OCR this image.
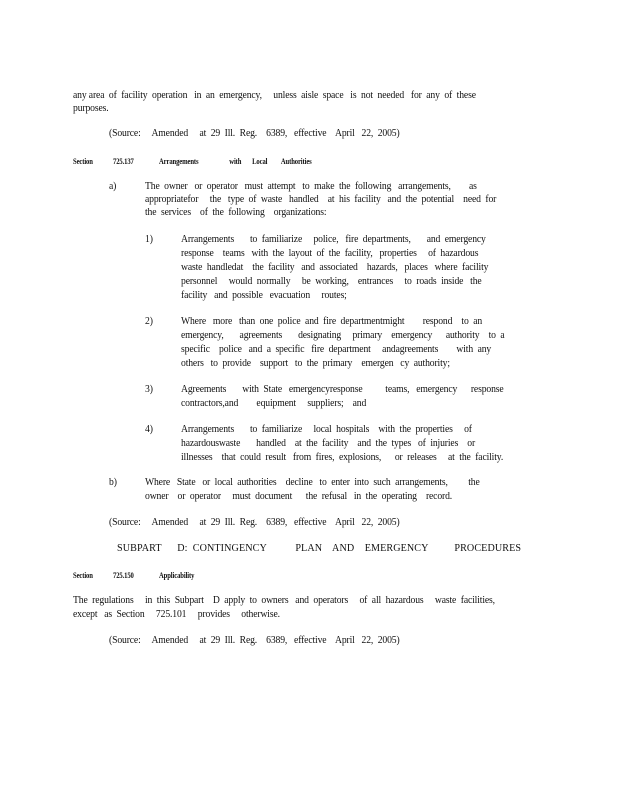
any area  of  facility  operation   in  an  emergency,     unless  aisle  space   is  not  needed   for  any  of  these
purposes.
(Source:     Amended     at  29  Ill.  Reg.    6389,   effective    April   22,  2005)
Section 725.137	Arrangements                    with       Local         Authorities
a)	The  owner   or  operator   must  attempt   to  make  the  following   arrangements,        as
appropriatefor     the   type  of  waste   handled    at  his  facility   and  the  potential    need  for
the  services    of  the  following    organizations:
1)	Arrangements       to  familiarize     police,   fire  departments,       and  emergency
response    teams   with  the  layout  of  the  facility,   properties     of  hazardous
waste  handledat    the  facility   and  associated    hazards,   places   where  facility
personnel     would  normally     be  working,    entrances     to  roads  inside   the
facility   and  possible   evacuation     routes;
2)	Where   more   than  one  police  and  fire  departmentmight        respond    to  an
emergency,       agreements       designating     primary    emergency      authority    to  a
specific    police   and  a  specific   fire  department     andagreements        with  any
others   to  provide    support   to  the  primary    emergen   cy  authority;
3)	Agreements       with  State   emergencyresponse          teams,   emergency      response
contractors,and        equipment     suppliers;    and
4)	Arrangements       to  familiarize     local  hospitals    with  the  properties     of
hazardouswaste       handled    at  the  facility    and  the  types   of  injuries    or
illnesses    that  could  result   from  fires,  explosions,      or  releases     at  the  facility.
b)	Where   State   or  local  authorities    decline   to  enter  into  such  arrangements,         the
owner    or  operator     must  document      the  refusal   in  the  operating    record.
(Source:     Amended     at  29  Ill.  Reg.    6389,   effective    April   22,  2005)
SUBPART      D:  CONTINGENCY           PLAN    AND    EMERGENCY          PROCEDURES
Section 725.150	Applicability
The  regulations     in  this  Subpart    D  apply  to  owners   and  operators     of  all  hazardous     waste  facilities,
except   as  Section     725.101     provides     otherwise.
(Source:     Amended     at  29  Ill.  Reg.    6389,   effective    April   22,  2005)
